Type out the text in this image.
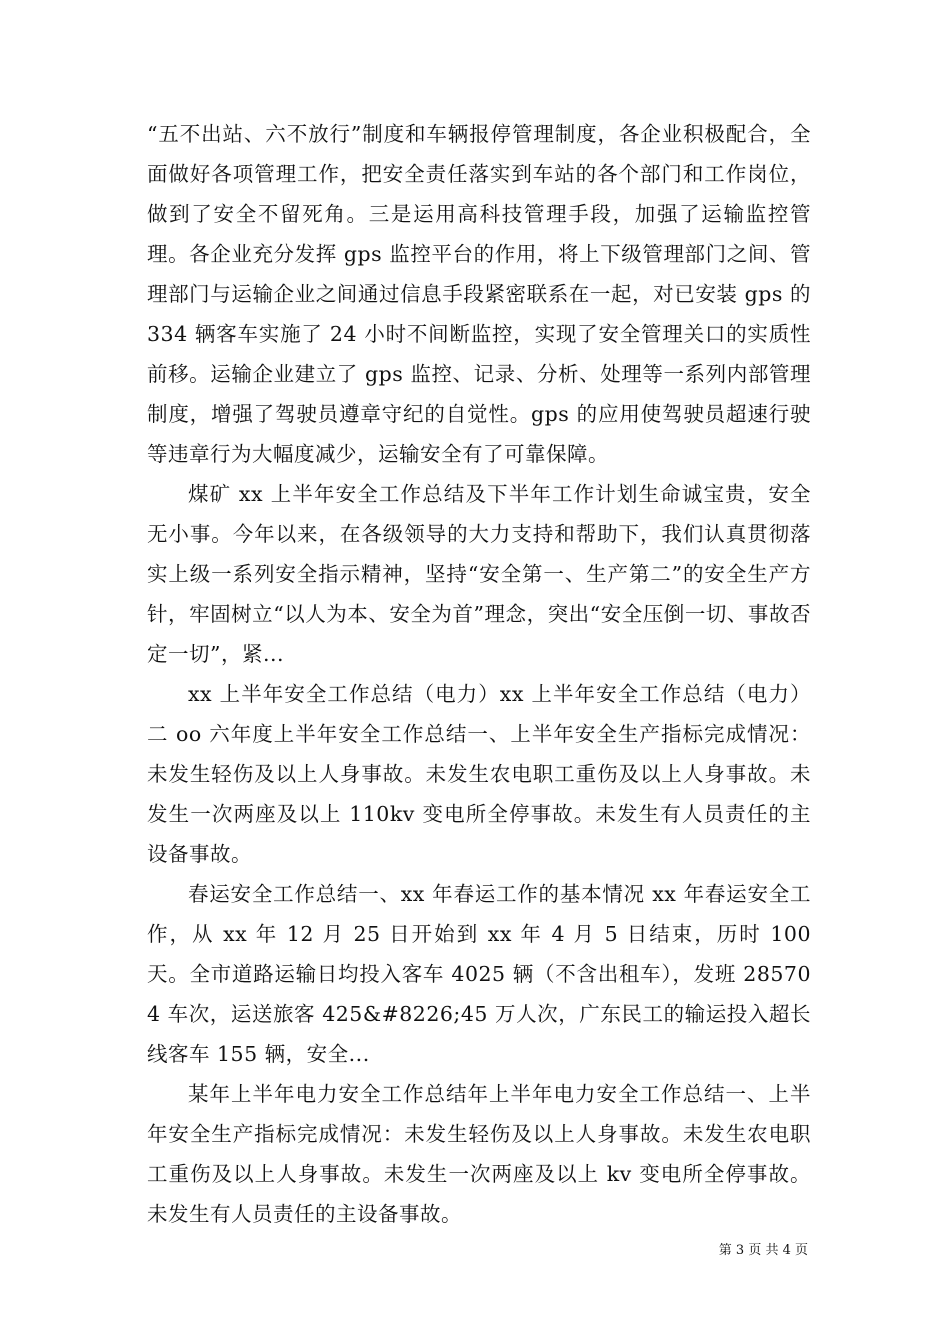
“五不出站、六不放行”制度和车辆报停管理制度，各企业积极配合，全面做好各项管理工作，把安全责任落实到车站的各个部门和工作岗位，做到了安全不留死角。三是运用高科技管理手段，加强了运输监控管理。各企业充分发挥 gps 监控平台的作用，将上下级管理部门之间、管理部门与运输企业之间通过信息手段紧密联系在一起，对已安装 gps 的 334 辆客车实施了 24 小时不间断监控，实现了安全管理关口的实质性前移。运输企业建立了 gps 监控、记录、分析、处理等一系列内部管理制度，增强了驾驶员遵章守纪的自觉性。gps 的应用使驾驶员超速行驶等违章行为大幅度减少，运输安全有了可靠保障。

煤矿 xx 上半年安全工作总结及下半年工作计划生命诚宝贵，安全无小事。今年以来，在各级领导的大力支持和帮助下，我们认真贯彻落实上级一系列安全指示精神，坚持“安全第一、生产第二”的安全生产方针，牢固树立“以人为本、安全为首”理念，突出“安全压倒一切、事故否定一切”，紧...

xx 上半年安全工作总结（电力）xx 上半年安全工作总结（电力）二 oo 六年度上半年安全工作总结一、上半年安全生产指标完成情况：未发生轻伤及以上人身事故。未发生农电职工重伤及以上人身事故。未发生一次两座及以上 110kv 变电所全停事故。未发生有人员责任的主设备事故。

春运安全工作总结一、xx 年春运工作的基本情况 xx 年春运安全工作，从 xx 年 12 月 25 日开始到 xx 年 4 月 5 日结束，历时 100 天。全市道路运输日均投入客车 4025 辆（不含出租车），发班 285704 车次，运送旅客 425&#8226;45 万人次，广东民工的输运投入超长线客车 155 辆，安全...

某年上半年电力安全工作总结年上半年电力安全工作总结一、上半年安全生产指标完成情况：未发生轻伤及以上人身事故。未发生农电职工重伤及以上人身事故。未发生一次两座及以上 kv 变电所全停事故。未发生有人员责任的主设备事故。

第 3 页 共 4 页
